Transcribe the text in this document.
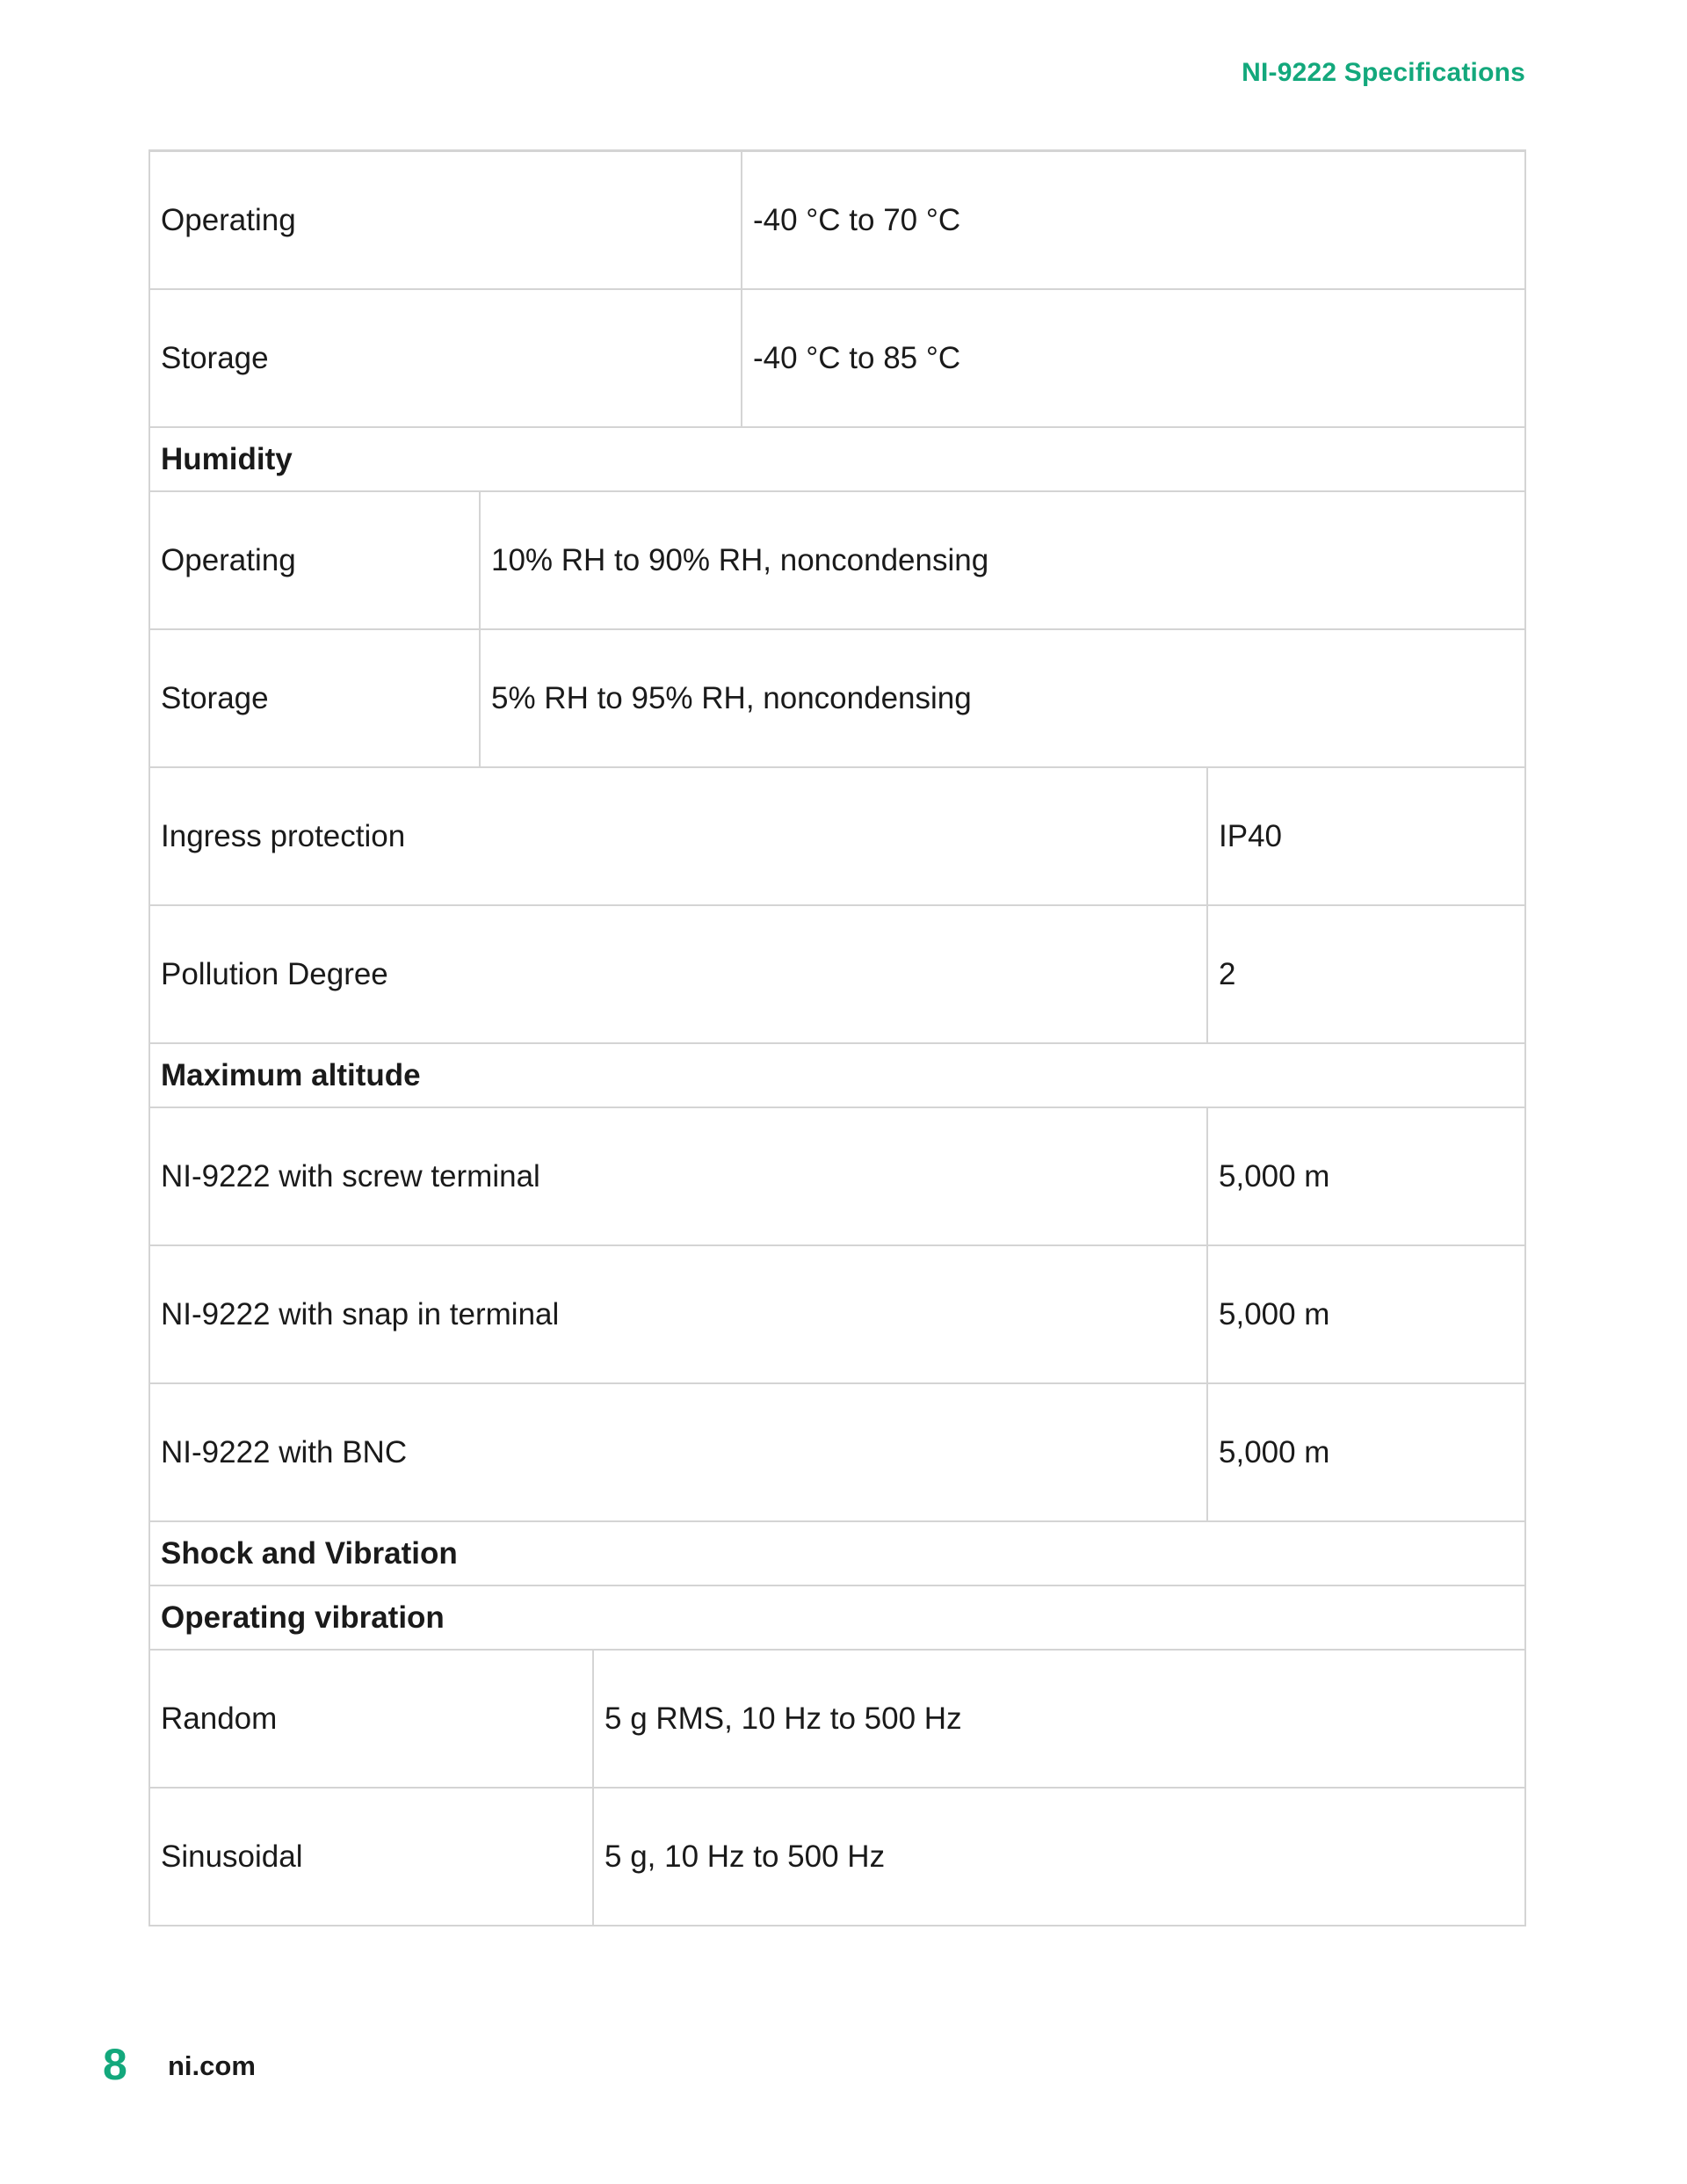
NI-9222 Specifications
Operating	-40 °C to 70 °C
Storage	-40 °C to 85 °C
Humidity
Operating	10% RH to 90% RH, noncondensing
Storage	5% RH to 95% RH, noncondensing
Ingress protection	IP40
Pollution Degree	2
Maximum altitude
NI-9222 with screw terminal	5,000 m
NI-9222 with snap in terminal	5,000 m
NI-9222 with BNC	5,000 m
Shock and Vibration
Operating vibration
Random	5 g RMS, 10 Hz to 500 Hz
Sinusoidal	5 g, 10 Hz to 500 Hz
8 ni.com
